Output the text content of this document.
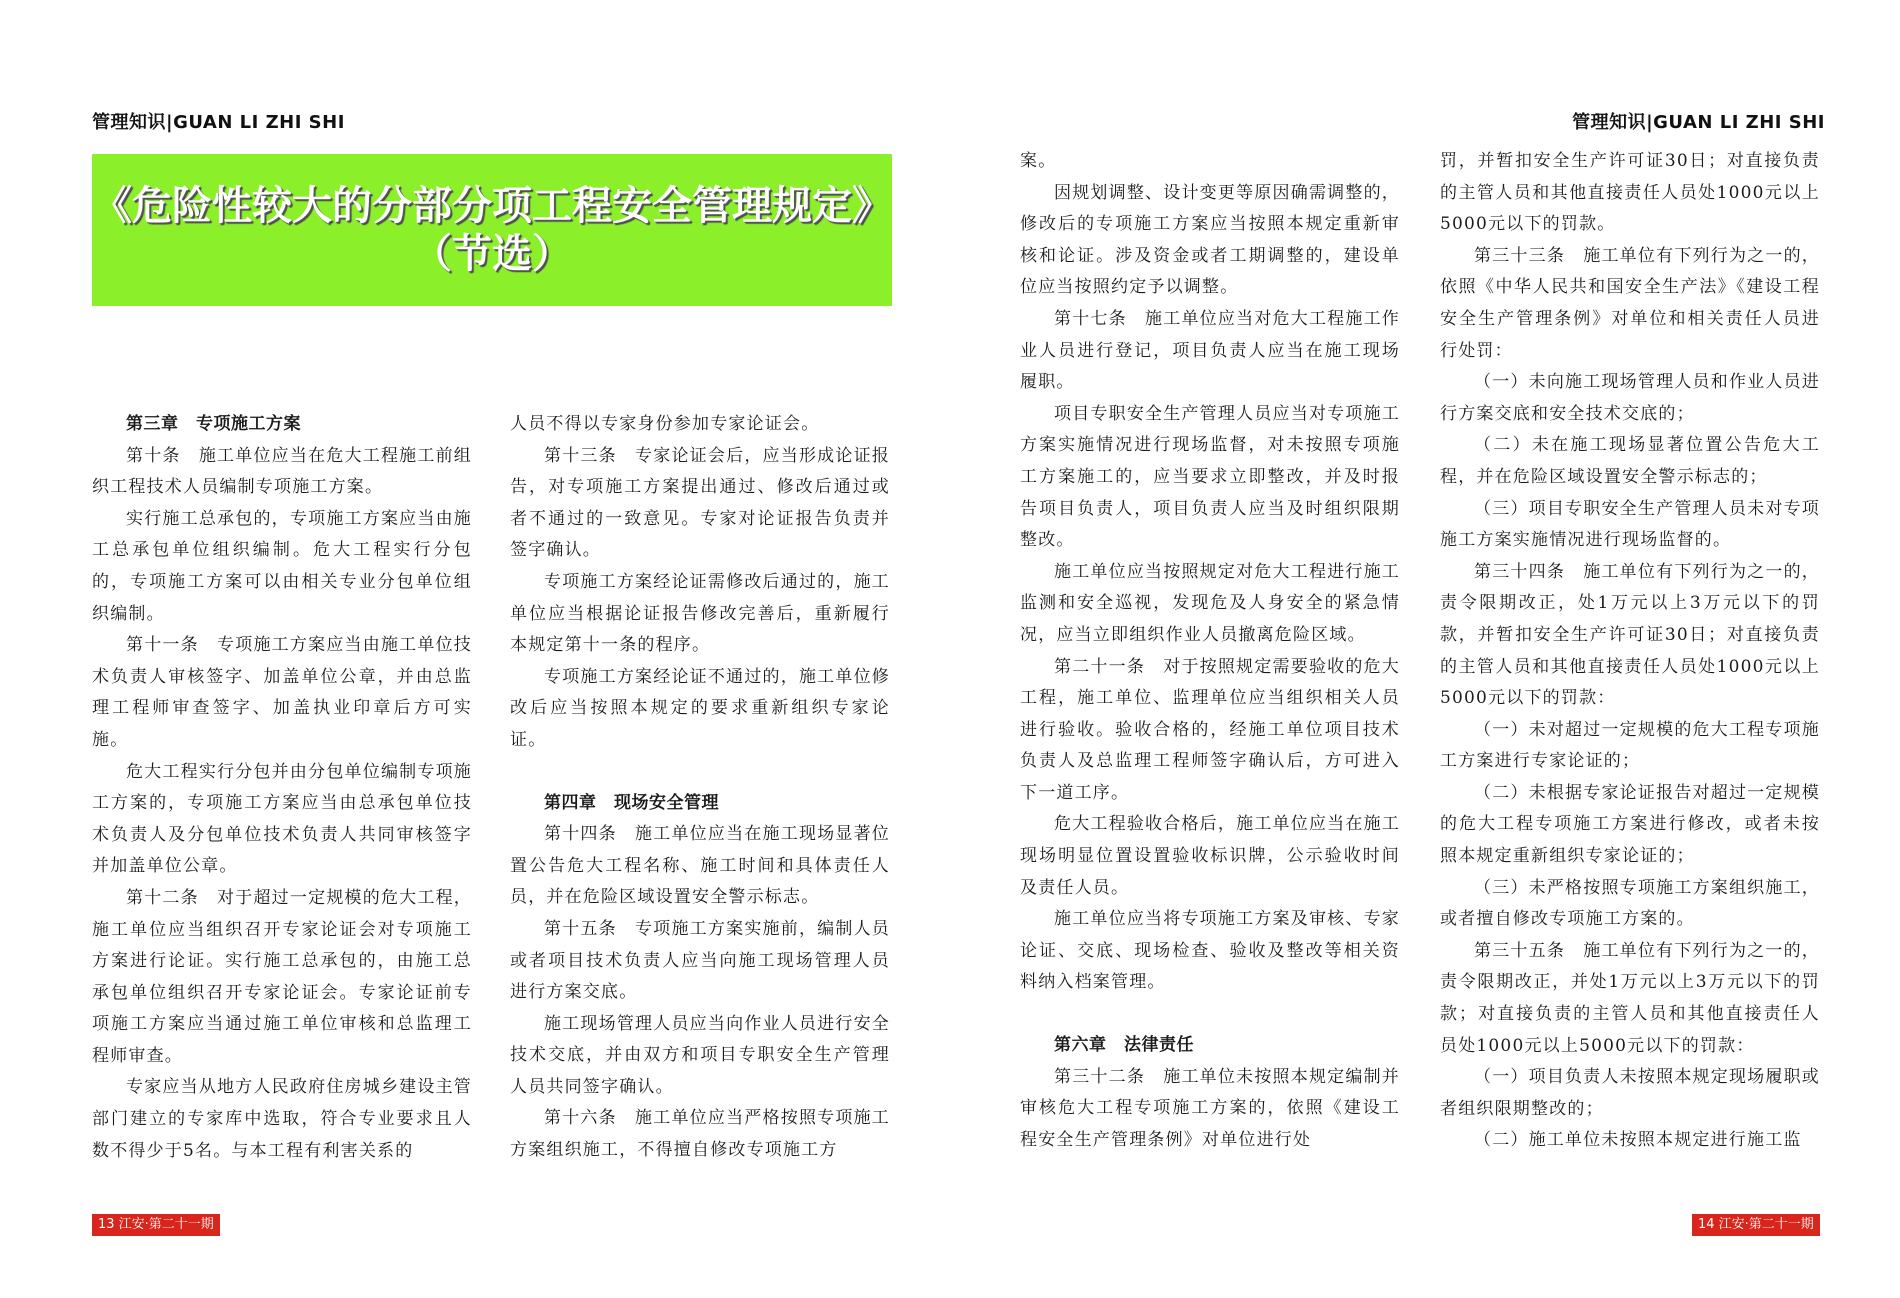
管理知识|GUAN LI ZHI SHI	管理知识|GUAN LI ZHI SHI
《危险性较大的分部分项工程安全管理规定》
（节选）
第三章　专项施工方案

第十条　施工单位应当在危大工程施工前组织工程技术人员编制专项施工方案。

实行施工总承包的，专项施工方案应当由施工总承包单位组织编制。危大工程实行分包的，专项施工方案可以由相关专业分包单位组织编制。

第十一条　专项施工方案应当由施工单位技术负责人审核签字、加盖单位公章，并由总监理工程师审查签字、加盖执业印章后方可实施。

危大工程实行分包并由分包单位编制专项施工方案的，专项施工方案应当由总承包单位技术负责人及分包单位技术负责人共同审核签字并加盖单位公章。

第十二条　对于超过一定规模的危大工程，施工单位应当组织召开专家论证会对专项施工方案进行论证。实行施工总承包的，由施工总承包单位组织召开专家论证会。专家论证前专项施工方案应当通过施工单位审核和总监理工程师审查。

专家应当从地方人民政府住房城乡建设主管部门建立的专家库中选取，符合专业要求且人数不得少于5名。与本工程有利害关系的

人员不得以专家身份参加专家论证会。

第十三条　专家论证会后，应当形成论证报告，对专项施工方案提出通过、修改后通过或者不通过的一致意见。专家对论证报告负责并签字确认。

专项施工方案经论证需修改后通过的，施工单位应当根据论证报告修改完善后，重新履行本规定第十一条的程序。

专项施工方案经论证不通过的，施工单位修改后应当按照本规定的要求重新组织专家论证。

第四章　现场安全管理

第十四条　施工单位应当在施工现场显著位置公告危大工程名称、施工时间和具体责任人员，并在危险区域设置安全警示标志。

第十五条　专项施工方案实施前，编制人员或者项目技术负责人应当向施工现场管理人员进行方案交底。

施工现场管理人员应当向作业人员进行安全技术交底，并由双方和项目专职安全生产管理人员共同签字确认。

第十六条　施工单位应当严格按照专项施工方案组织施工，不得擅自修改专项施工方

案。

因规划调整、设计变更等原因确需调整的，修改后的专项施工方案应当按照本规定重新审核和论证。涉及资金或者工期调整的，建设单位应当按照约定予以调整。

第十七条　施工单位应当对危大工程施工作业人员进行登记，项目负责人应当在施工现场履职。

项目专职安全生产管理人员应当对专项施工方案实施情况进行现场监督，对未按照专项施工方案施工的，应当要求立即整改，并及时报告项目负责人，项目负责人应当及时组织限期整改。

施工单位应当按照规定对危大工程进行施工监测和安全巡视，发现危及人身安全的紧急情况，应当立即组织作业人员撤离危险区域。

第二十一条　对于按照规定需要验收的危大工程，施工单位、监理单位应当组织相关人员进行验收。验收合格的，经施工单位项目技术负责人及总监理工程师签字确认后，方可进入下一道工序。

危大工程验收合格后，施工单位应当在施工现场明显位置设置验收标识牌，公示验收时间及责任人员。

施工单位应当将专项施工方案及审核、专家论证、交底、现场检查、验收及整改等相关资料纳入档案管理。

第六章　法律责任

第三十二条　施工单位未按照本规定编制并审核危大工程专项施工方案的，依照《建设工程安全生产管理条例》对单位进行处

罚，并暂扣安全生产许可证30日；对直接负责的主管人员和其他直接责任人员处1000元以上5000元以下的罚款。

第三十三条　施工单位有下列行为之一的，依照《中华人民共和国安全生产法》《建设工程安全生产管理条例》对单位和相关责任人员进行处罚：

（一）未向施工现场管理人员和作业人员进行方案交底和安全技术交底的；

（二）未在施工现场显著位置公告危大工程，并在危险区域设置安全警示标志的；

（三）项目专职安全生产管理人员未对专项施工方案实施情况进行现场监督的。

第三十四条　施工单位有下列行为之一的，责令限期改正，处1万元以上3万元以下的罚款，并暂扣安全生产许可证30日；对直接负责的主管人员和其他直接责任人员处1000元以上5000元以下的罚款：

（一）未对超过一定规模的危大工程专项施工方案进行专家论证的；

（二）未根据专家论证报告对超过一定规模的危大工程专项施工方案进行修改，或者未按照本规定重新组织专家论证的；

（三）未严格按照专项施工方案组织施工，或者擅自修改专项施工方案的。

第三十五条　施工单位有下列行为之一的，责令限期改正，并处1万元以上3万元以下的罚款；对直接负责的主管人员和其他直接责任人员处1000元以上5000元以下的罚款：

（一）项目负责人未按照本规定现场履职或者组织限期整改的；

（二）施工单位未按照本规定进行施工监

13 江安·第二十一期	14 江安·第二十一期
